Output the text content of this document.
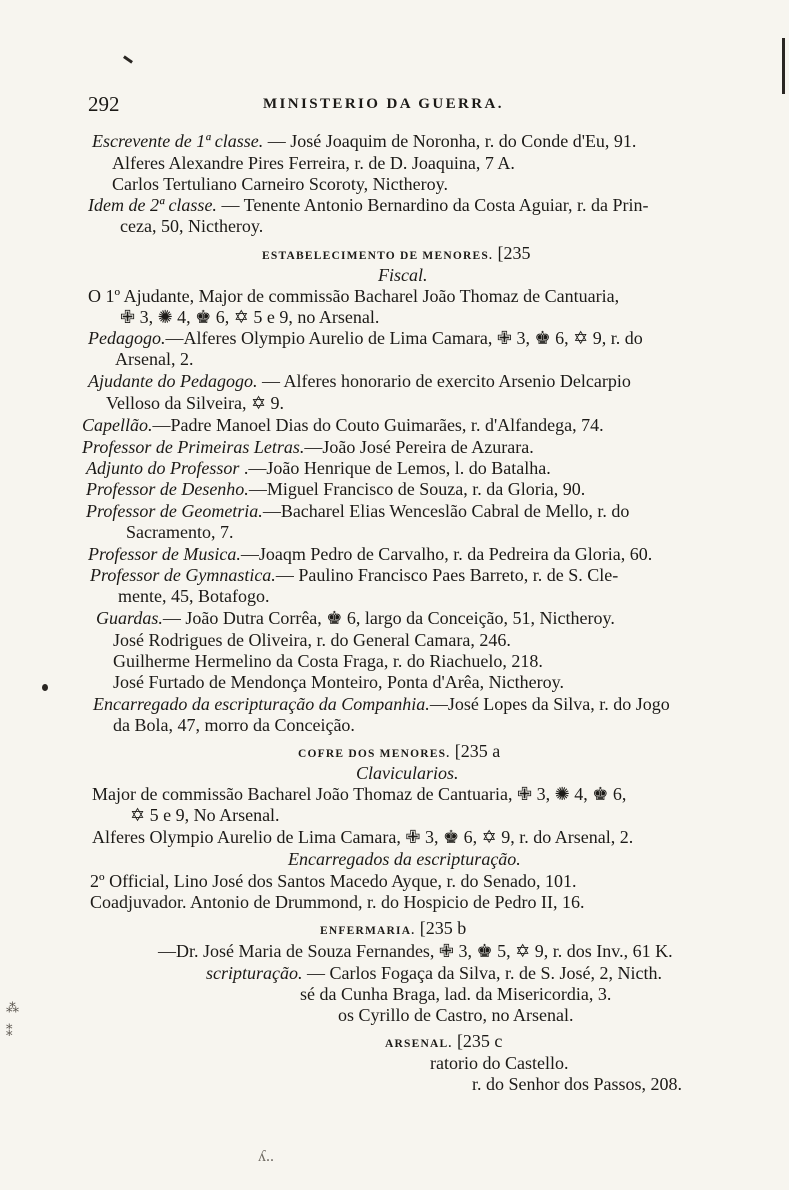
⁂
⁑
292	MINISTERIO DA GUERRA.
Escrevente de 1ª classe. — José Joaquim de Noronha, r. do Conde d'Eu, 91.
Alferes Alexandre Pires Ferreira, r. de D. Joaquina, 7 A.
Carlos Tertuliano Carneiro Scoroty, Nictheroy.
Idem de 2ª classe. — Tenente Antonio Bernardino da Costa Aguiar, r. da Prin-
ceza, 50, Nictheroy.
ESTABELECIMENTO DE MENORES. [235
Fiscal.
O 1º Ajudante, Major de commissão Bacharel João Thomaz de Cantuaria,
✙ 3, ✺ 4, ♚ 6, ✡ 5 e 9, no Arsenal.
Pedagogo.—Alferes Olympio Aurelio de Lima Camara, ✙ 3, ♚ 6, ✡ 9, r. do
Arsenal, 2.
Ajudante do Pedagogo. — Alferes honorario de exercito Arsenio Delcarpio
Velloso da Silveira, ✡ 9.
Capellão.—Padre Manoel Dias do Couto Guimarães, r. d'Alfandega, 74.
Professor de Primeiras Letras.—João José Pereira de Azurara.
Adjunto do Professor .—João Henrique de Lemos, l. do Batalha.
Professor de Desenho.—Miguel Francisco de Souza, r. da Gloria, 90.
Professor de Geometria.—Bacharel Elias Wenceslão Cabral de Mello, r. do
Sacramento, 7.
Professor de Musica.—Joaqm Pedro de Carvalho, r. da Pedreira da Gloria, 60.
Professor de Gymnastica.— Paulino Francisco Paes Barreto, r. de S. Cle-
mente, 45, Botafogo.
Guardas.— João Dutra Corrêa, ♚ 6, largo da Conceição, 51, Nictheroy.
José Rodrigues de Oliveira, r. do General Camara, 246.
Guilherme Hermelino da Costa Fraga, r. do Riachuelo, 218.
José Furtado de Mendonça Monteiro, Ponta d'Arêa, Nictheroy.
Encarregado da escripturação da Companhia.—José Lopes da Silva, r. do Jogo
da Bola, 47, morro da Conceição.
COFRE DOS MENORES. [235 a
Clavicularios.
Major de commissão Bacharel João Thomaz de Cantuaria, ✙ 3, ✺ 4, ♚ 6,
✡ 5 e 9, No Arsenal.
Alferes Olympio Aurelio de Lima Camara, ✙ 3, ♚ 6, ✡ 9, r. do Arsenal, 2.
Encarregados da escripturação.
2º Official, Lino José dos Santos Macedo Ayque, r. do Senado, 101.
Coadjuvador. Antonio de Drummond, r. do Hospicio de Pedro II, 16.
ENFERMARIA. [235 b
—Dr. José Maria de Souza Fernandes, ✙ 3, ♚ 5, ✡ 9, r. dos Inv., 61 K.
scripturação. — Carlos Fogaça da Silva, r. de S. José, 2, Nicth.
sé da Cunha Braga, lad. da Misericordia, 3.
os Cyrillo de Castro, no Arsenal.
ARSENAL. [235 c
ratorio do Castello.
r. do Senhor dos Passos, 208.
ʎ..
